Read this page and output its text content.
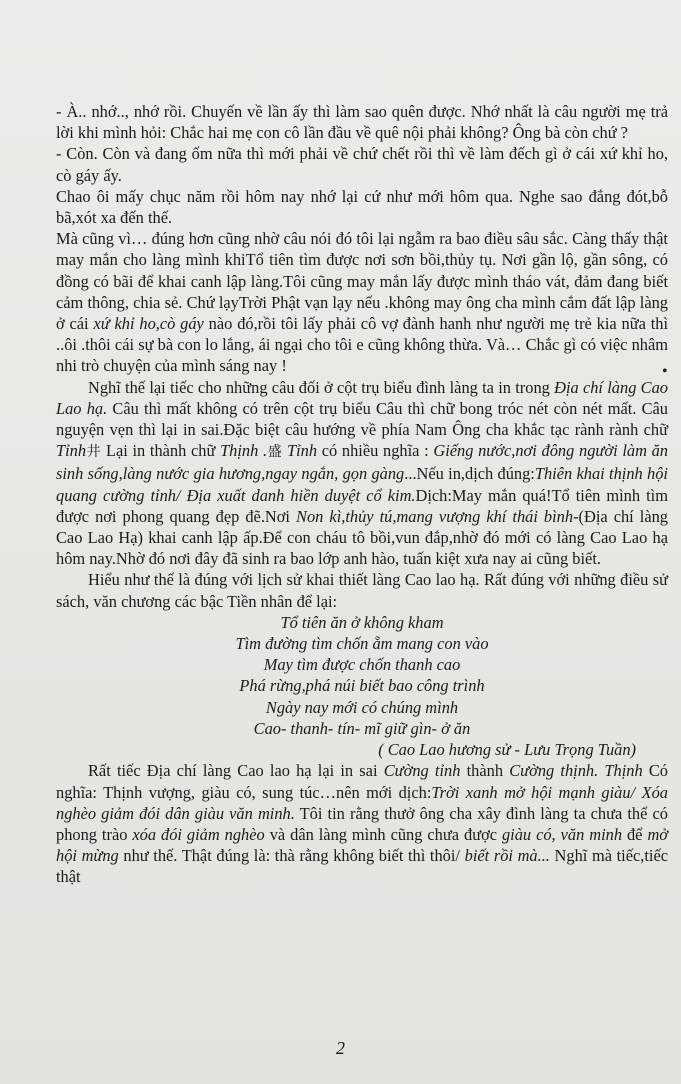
- À.. nhớ.., nhớ rồi. Chuyến về lần ấy thì làm sao quên được. Nhớ nhất là câu người mẹ trả lời khi mình hỏi: Chắc hai mẹ con cô lần đầu về quê nội phải không? Ông bà còn chứ ?

- Còn. Còn và đang ốm nữa thì mới phải về chứ chết rồi thì về làm đếch gì ở cái xứ khỉ ho, cò gáy ấy.

Chao ôi mấy chục năm rồi hôm nay nhớ lại cứ như mới hôm qua. Nghe sao đắng đót,bỗ bã,xót xa đến thế.

Mà cũng vì… đúng hơn cũng nhờ câu nói đó tôi lại ngẫm ra bao điều sâu sắc. Càng thấy thật may mắn cho làng mình khiTổ tiên tìm được nơi sơn bồi,thủy tụ. Nơi gần lộ, gần sông, có đồng có bãi để khai canh lập làng.Tôi cũng may mắn lấy được mình tháo vát, đảm đang biết cảm thông, chia sẻ. Chứ lạyTrời Phật vạn lạy nếu .không may ông cha mình cắm đất lập làng ở cái xứ khỉ ho,cò gáy nào đó,rồi tôi lấy phải cô vợ đành hanh như người mẹ trẻ kia nữa thì ..ôi .thôi cái sự bà con lo lắng, ái ngại cho tôi e cũng không thừa. Và… Chắc gì có việc nhâm nhi trò chuyện của mình sáng nay !

Nghĩ thế lại tiếc cho những câu đối ở cột trụ biểu đình làng ta in trong Địa chí làng Cao Lao hạ. Câu thì mất không có trên cột trụ biểu Câu thì chữ bong tróc nét còn nét mất. Câu nguyện vẹn thì lại in sai.Đặc biệt câu hướng về phía Nam Ông cha khắc tạc rành rành chữ Tỉnh井 Lại in thành chữ Thịnh .盛 Tỉnh có nhiều nghĩa : Giếng nước,nơi đông người làm ăn sinh sống,làng nước gia hương,ngay ngắn, gọn gàng...Nếu in,dịch đúng:Thiên khai thịnh hội quang cường tỉnh/ Địa xuất danh hiền duyệt cổ kim.Dịch:May mắn quá!Tổ tiên mình tìm được nơi phong quang đẹp đẽ.Nơi Non kì,thủy tú,mang vượng khí thái bình-(Địa chí làng Cao Lao Hạ) khai canh lập ấp.Để con cháu tô bồi,vun đắp,nhờ đó mới có làng Cao Lao hạ hôm nay.Nhờ đó nơi đây đã sinh ra bao lớp anh hào, tuấn kiệt xưa nay ai cũng biết.

Hiểu như thế là đúng với lịch sử khai thiết làng Cao lao hạ. Rất đúng với những điều sử sách, văn chương các bậc Tiền nhân để lại:

Tổ tiên ăn ở không kham
Tìm đường tìm chốn ẵm mang con vào
May tìm được chốn thanh cao
Phá rừng,phá núi biết bao công trình
Ngày nay mới có chúng mình
Cao- thanh- tín- mĩ giữ gìn- ở ăn
( Cao Lao hương sử - Lưu Trọng Tuần)

Rất tiếc Địa chí làng Cao lao hạ lại in sai Cường tỉnh thành Cường thịnh. Thịnh Có nghĩa: Thịnh vượng, giàu có, sung túc…nên mới dịch:Trời xanh mở hội mạnh giàu/ Xóa nghèo giảm đói dân giàu văn minh. Tôi tin rằng thưở ông cha xây đình làng ta chưa thể có phong trào xóa đói giảm nghèo và dân làng mình cũng chưa được giàu có, văn minh để mở hội mừng như thế. Thật đúng là: thà rằng không biết thì thôi/ biết rồi mà... Nghĩ mà tiếc,tiếc thật

•
2
